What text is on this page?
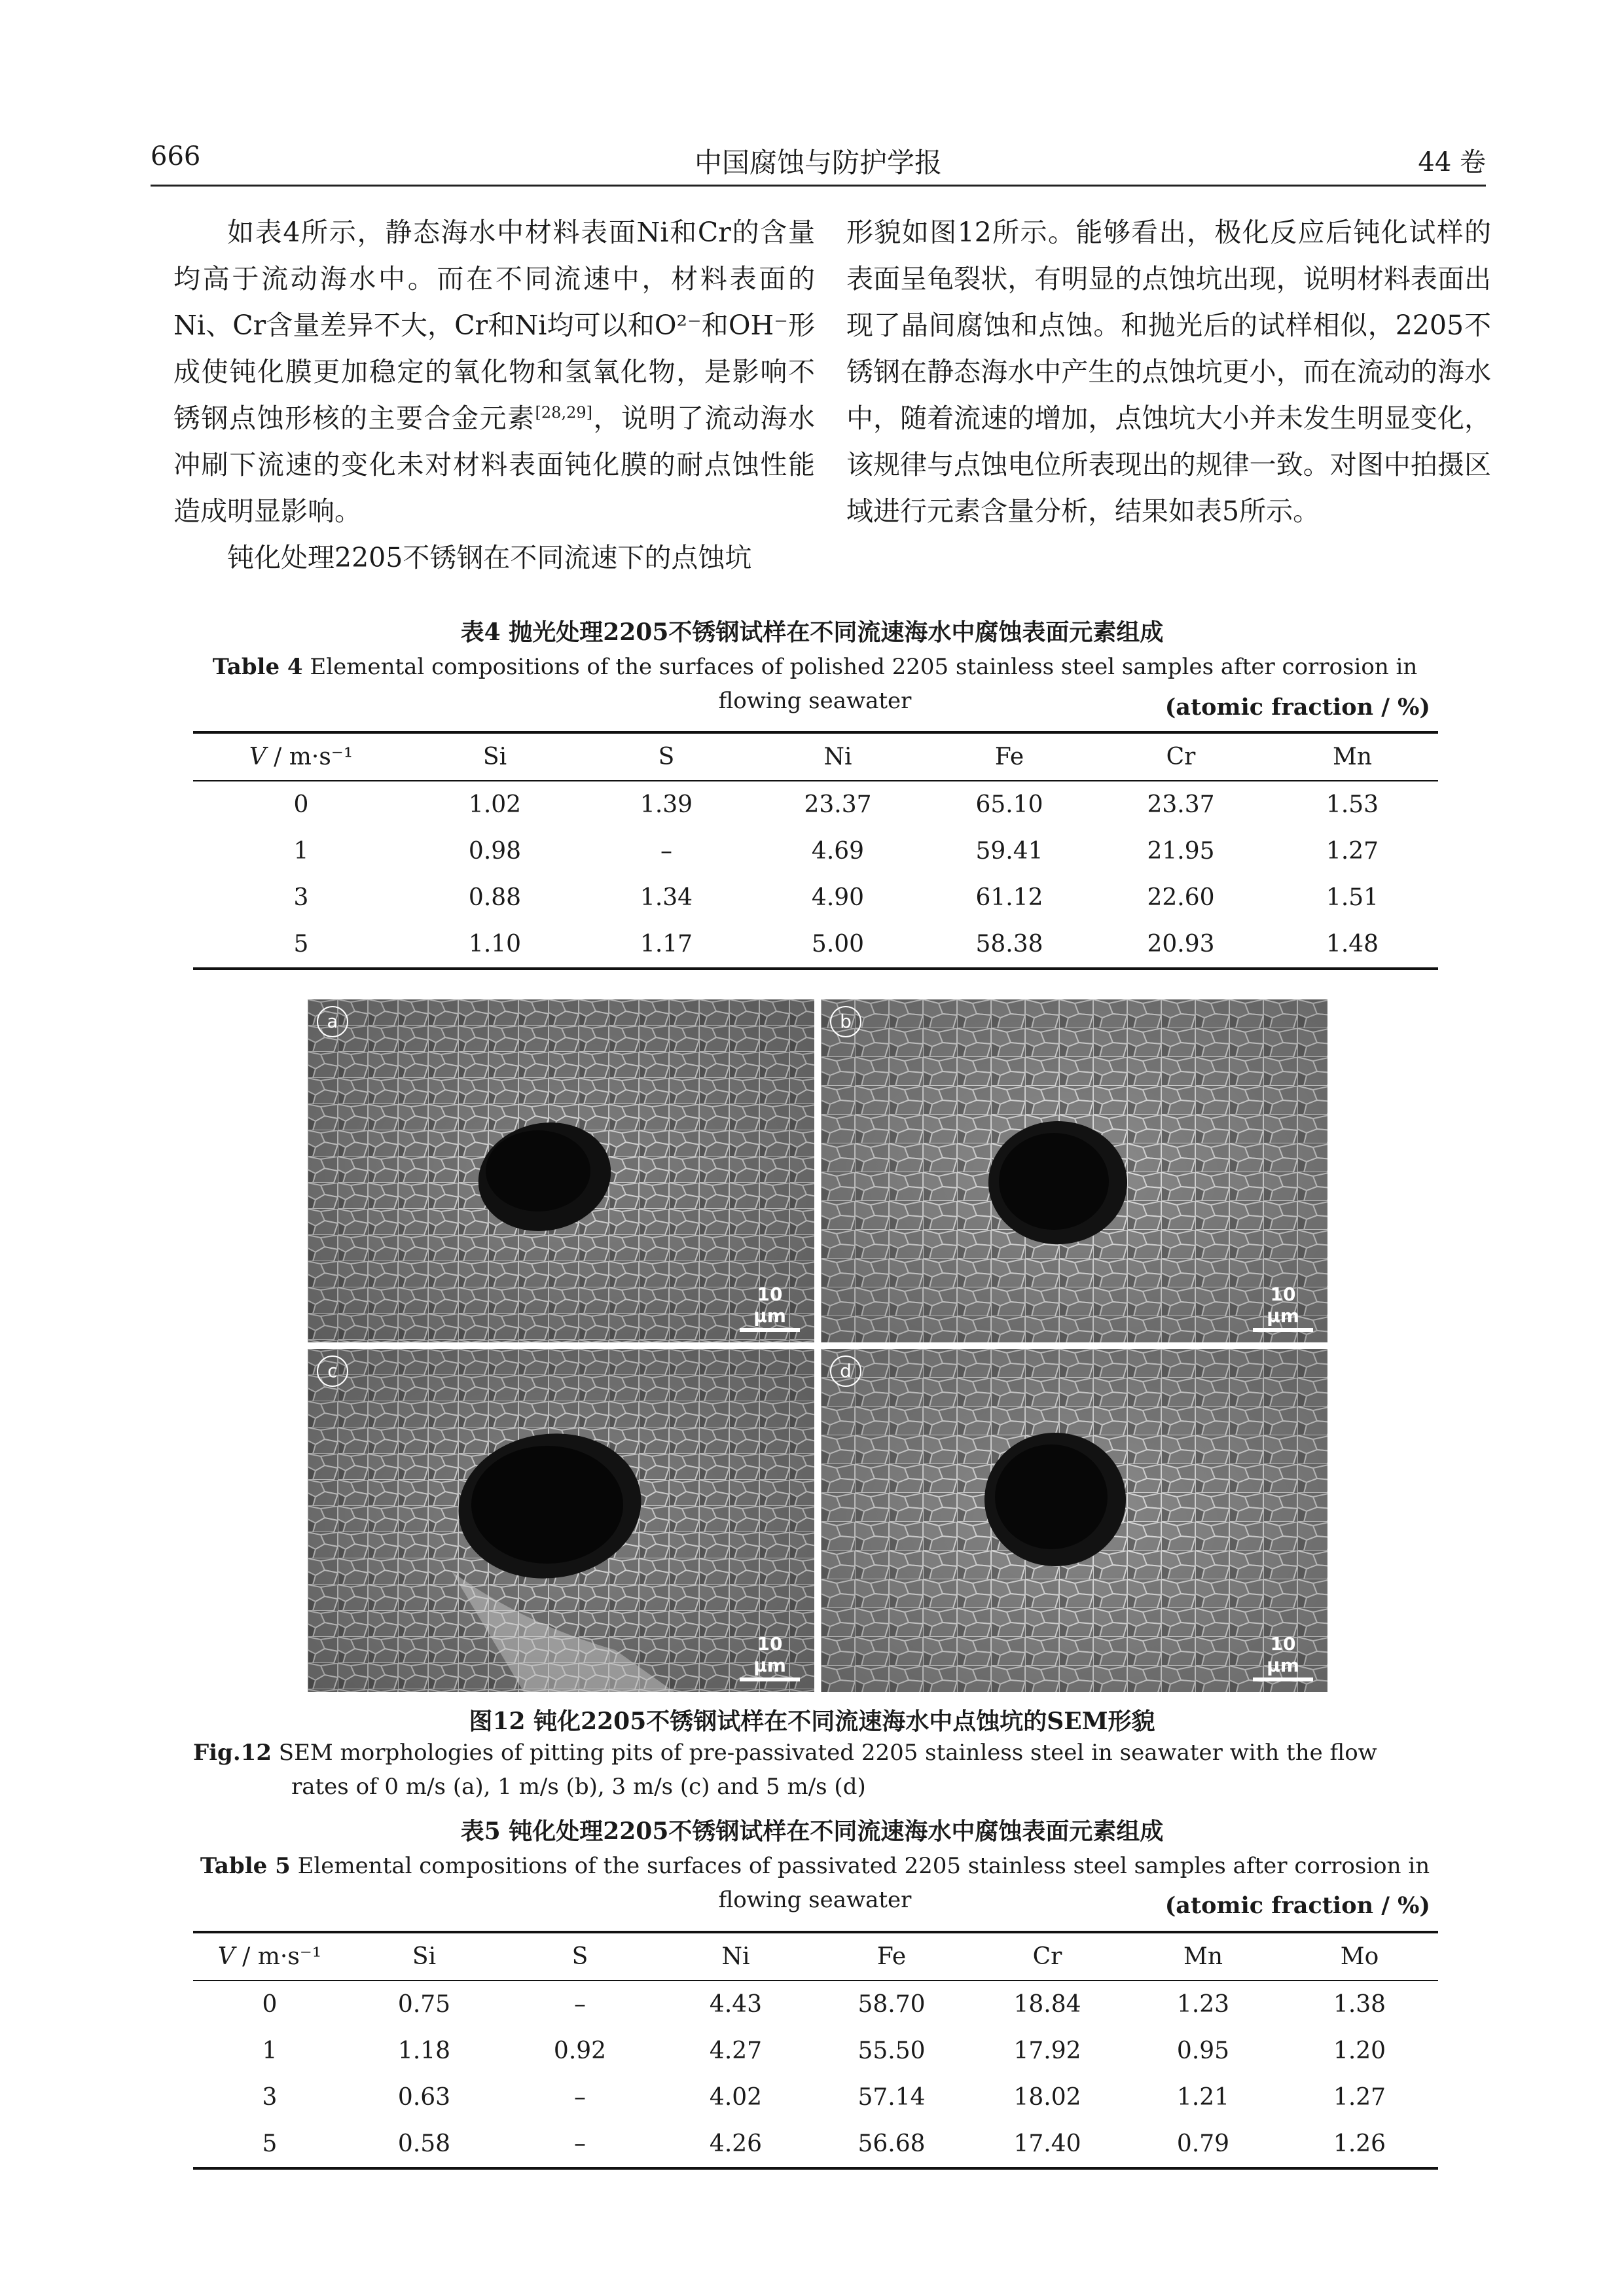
666	中国腐蚀与防护学报	44 卷

如表4所示，静态海水中材料表面Ni和Cr的含量均高于流动海水中。而在不同流速中，材料表面的Ni、Cr含量差异不大，Cr和Ni均可以和O²⁻和OH⁻形成使钝化膜更加稳定的氧化物和氢氧化物，是影响不锈钢点蚀形核的主要合金元素[28,29]，说明了流动海水冲刷下流速的变化未对材料表面钝化膜的耐点蚀性能造成明显影响。

钝化处理2205不锈钢在不同流速下的点蚀坑

形貌如图12所示。能够看出，极化反应后钝化试样的表面呈龟裂状，有明显的点蚀坑出现，说明材料表面出现了晶间腐蚀和点蚀。和抛光后的试样相似，2205不锈钢在静态海水中产生的点蚀坑更小，而在流动的海水中，随着流速的增加，点蚀坑大小并未发生明显变化，该规律与点蚀电位所表现出的规律一致。对图中拍摄区域进行元素含量分析，结果如表5所示。

表4 抛光处理2205不锈钢试样在不同流速海水中腐蚀表面元素组成
Table 4 Elemental compositions of the surfaces of polished 2205 stainless steel samples after corrosion in flowing seawater	(atomic fraction / %)
V / m·s⁻¹	Si	S	Ni	Fe	Cr	Mn
0	1.02	1.39	23.37	65.10	23.37	1.53
1	0.98	–	4.69	59.41	21.95	1.27
3	0.88	1.34	4.90	61.12	22.60	1.51
5	1.10	1.17	5.00	58.38	20.93	1.48
a
10 μm
b
10 μm
c
10 μm
d
10 μm
图12 钝化2205不锈钢试样在不同流速海水中点蚀坑的SEM形貌
Fig.12 SEM morphologies of pitting pits of pre-passivated 2205 stainless steel in seawater with the flow rates of 0 m/s (a), 1 m/s (b), 3 m/s (c) and 5 m/s (d)
表5 钝化处理2205不锈钢试样在不同流速海水中腐蚀表面元素组成
Table 5 Elemental compositions of the surfaces of passivated 2205 stainless steel samples after corrosion in flowing seawater	(atomic fraction / %)
V / m·s⁻¹	Si	S	Ni	Fe	Cr	Mn	Mo
0	0.75	–	4.43	58.70	18.84	1.23	1.38
1	1.18	0.92	4.27	55.50	17.92	0.95	1.20
3	0.63	–	4.02	57.14	18.02	1.21	1.27
5	0.58	–	4.26	56.68	17.40	0.79	1.26
